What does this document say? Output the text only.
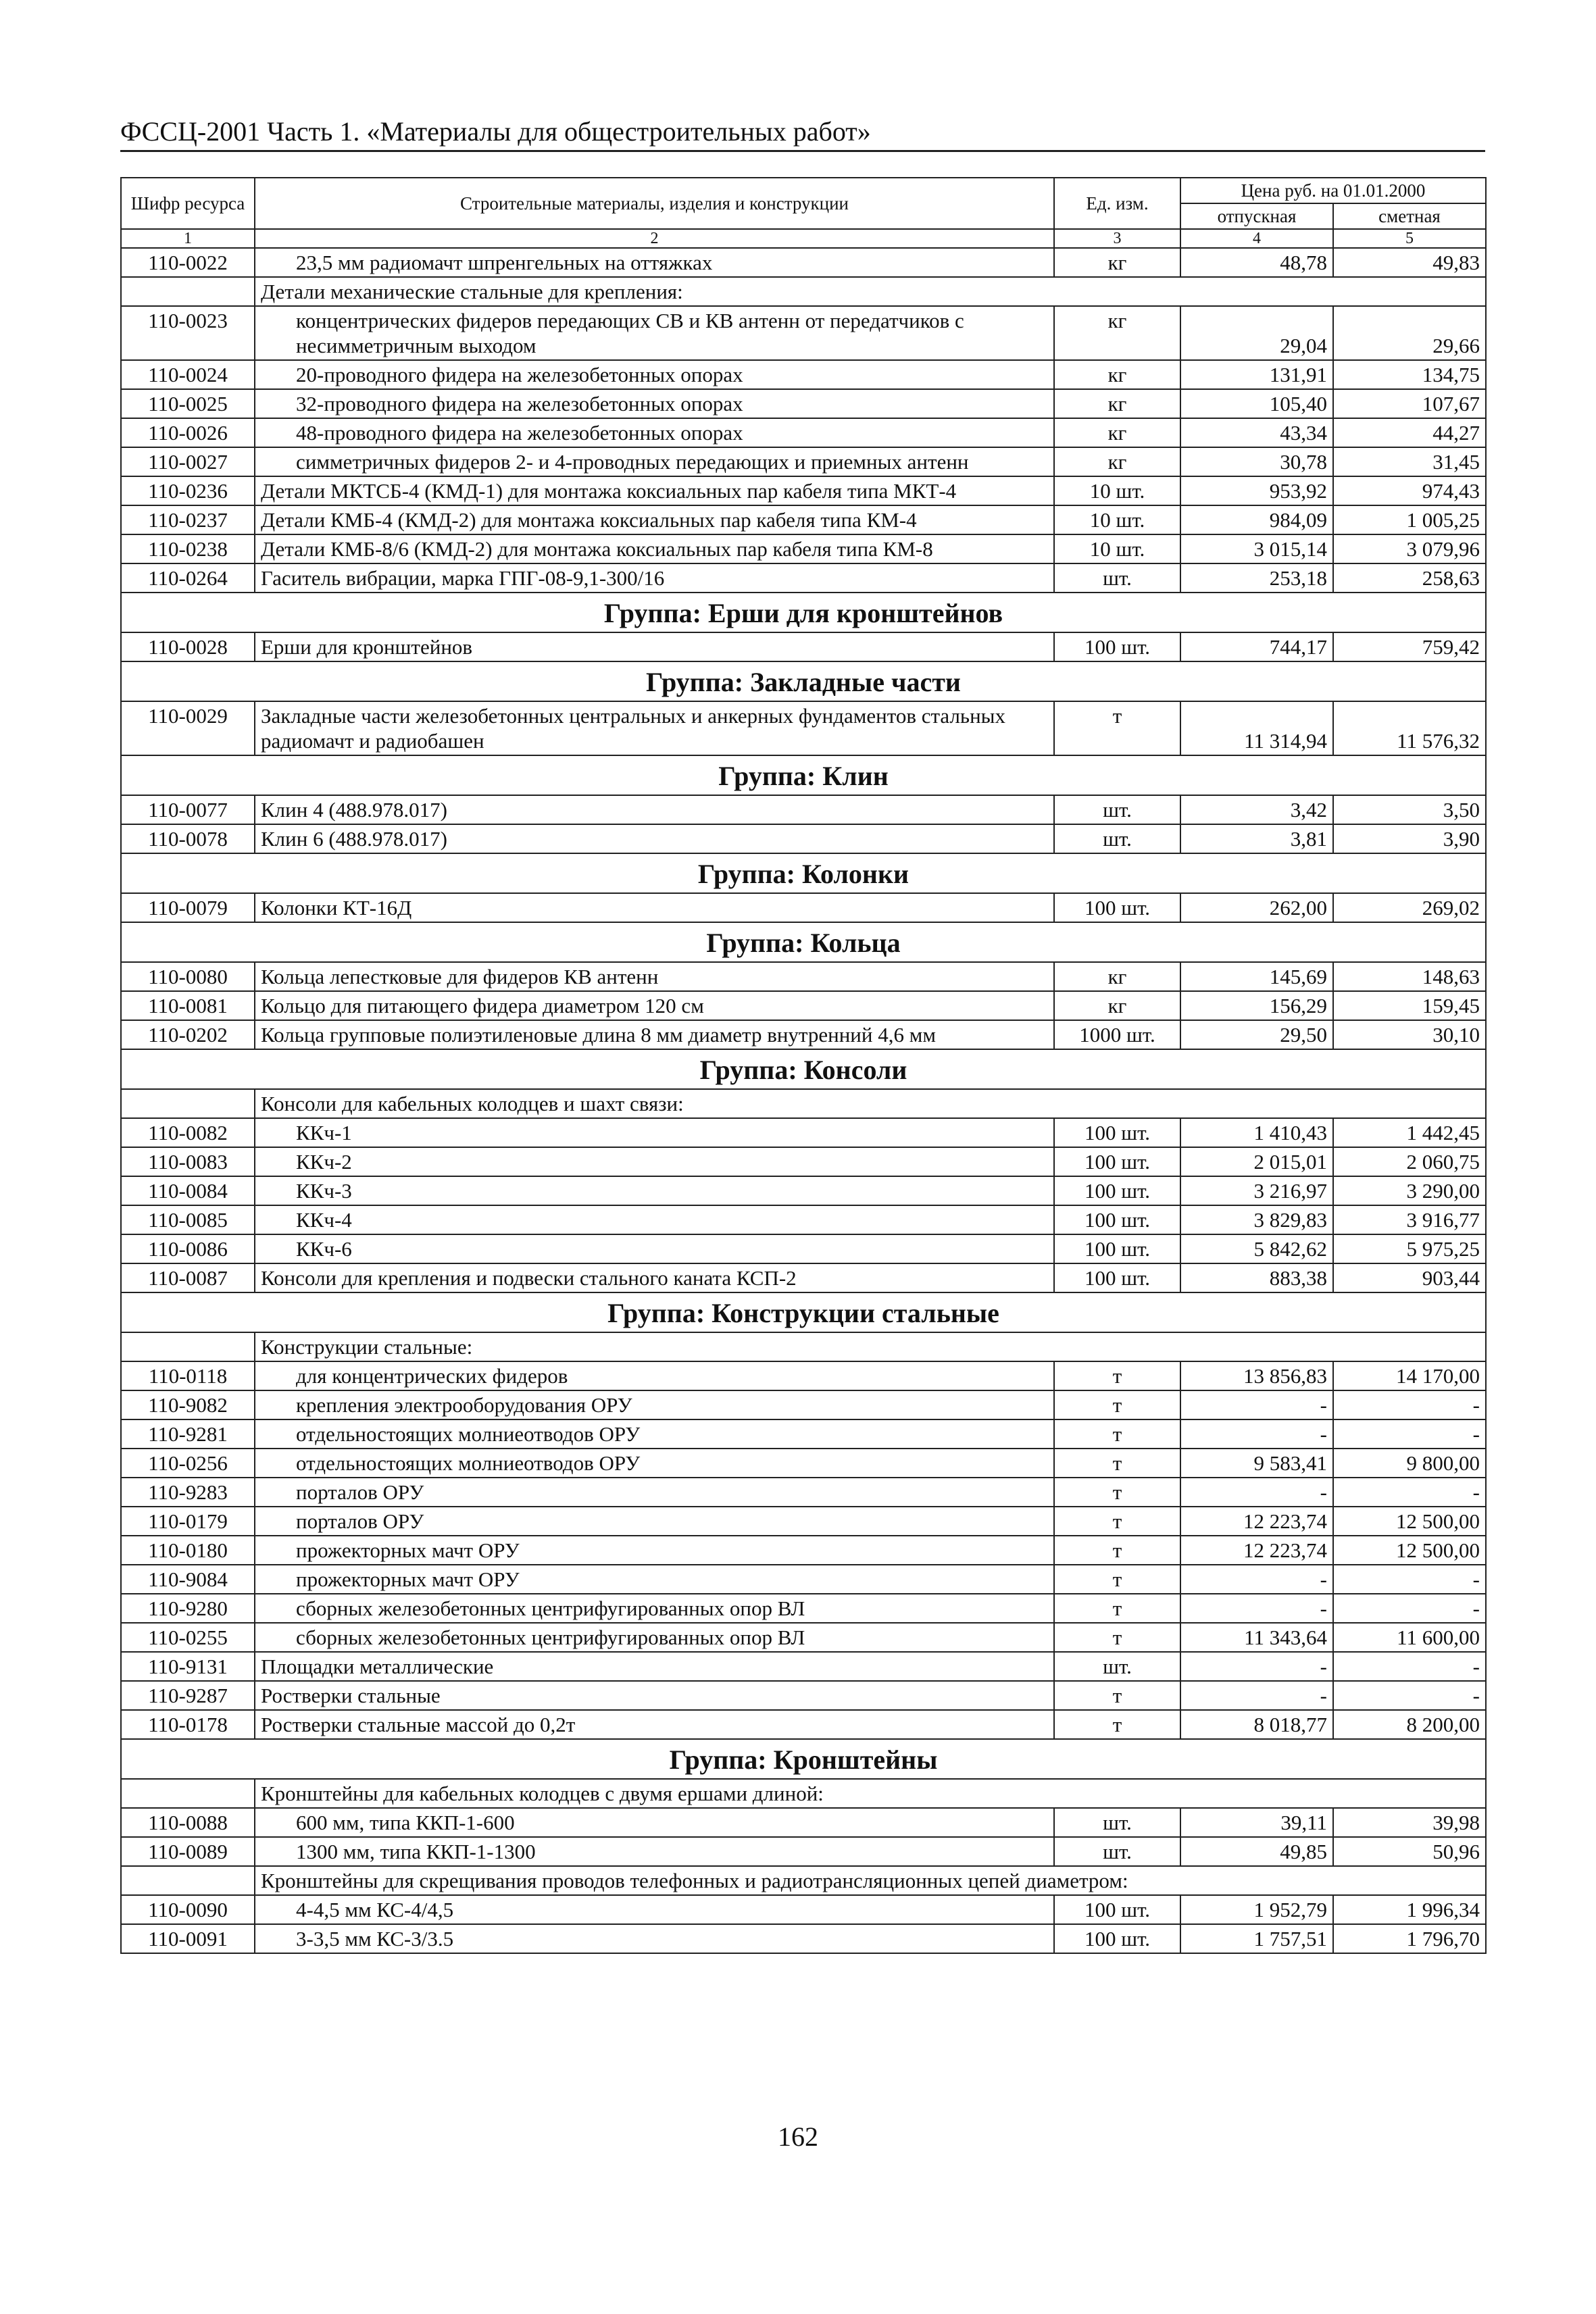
ФССЦ-2001 Часть 1. «Материалы для общестроительных работ»
Шифр ресурса	Строительные материалы, изделия и конструкции	Ед. изм.	Цена руб. на 01.01.2000	
			отпускная	сметная
1	2	3	4	5
110-0022	23,5 мм радиомачт шпренгельных на оттяжках	кг	48,78	49,83
	Детали механические стальные для крепления:			
110-0023	концентрических фидеров передающих СВ и КВ антенн от передатчиков с несимметричным выходом	кг	29,04	29,66
110-0024	20-проводного фидера на железобетонных опорах	кг	131,91	134,75
110-0025	32-проводного фидера на железобетонных опорах	кг	105,40	107,67
110-0026	48-проводного фидера на железобетонных опорах	кг	43,34	44,27
110-0027	симметричных фидеров 2- и 4-проводных передающих и приемных антенн	кг	30,78	31,45
110-0236	Детали МКТСБ-4 (КМД-1) для монтажа коксиальных пар кабеля типа МКТ-4	10 шт.	953,92	974,43
110-0237	Детали КМБ-4 (КМД-2) для монтажа коксиальных пар кабеля типа КМ-4	10 шт.	984,09	1 005,25
110-0238	Детали КМБ-8/6 (КМД-2) для монтажа коксиальных пар кабеля типа КМ-8	10 шт.	3 015,14	3 079,96
110-0264	Гаситель вибрации, марка ГПГ-08-9,1-300/16	шт.	253,18	258,63
Группа: Ерши для кронштейнов				
110-0028	Ерши для кронштейнов	100 шт.	744,17	759,42
Группа: Закладные части				
110-0029	Закладные части железобетонных центральных и анкерных фундаментов стальных радиомачт и радиобашен	т	11 314,94	11 576,32
Группа: Клин				
110-0077	Клин 4 (488.978.017)	шт.	3,42	3,50
110-0078	Клин 6 (488.978.017)	шт.	3,81	3,90
Группа: Колонки				
110-0079	Колонки КТ-16Д	100 шт.	262,00	269,02
Группа: Кольца				
110-0080	Кольца лепестковые для фидеров КВ антенн	кг	145,69	148,63
110-0081	Кольцо для питающего фидера диаметром 120 см	кг	156,29	159,45
110-0202	Кольца групповые полиэтиленовые длина 8 мм диаметр внутренний 4,6 мм	1000 шт.	29,50	30,10
Группа: Консоли				
	Консоли для кабельных колодцев и шахт связи:			
110-0082	ККч-1	100 шт.	1 410,43	1 442,45
110-0083	ККч-2	100 шт.	2 015,01	2 060,75
110-0084	ККч-3	100 шт.	3 216,97	3 290,00
110-0085	ККч-4	100 шт.	3 829,83	3 916,77
110-0086	ККч-6	100 шт.	5 842,62	5 975,25
110-0087	Консоли для крепления и подвески стального каната КСП-2	100 шт.	883,38	903,44
Группа: Конструкции стальные				
	Конструкции стальные:			
110-0118	для концентрических фидеров	т	13 856,83	14 170,00
110-9082	крепления электрооборудования ОРУ	т	-	-
110-9281	отдельностоящих молниеотводов ОРУ	т	-	-
110-0256	отдельностоящих молниеотводов ОРУ	т	9 583,41	9 800,00
110-9283	порталов ОРУ	т	-	-
110-0179	порталов ОРУ	т	12 223,74	12 500,00
110-0180	прожекторных мачт ОРУ	т	12 223,74	12 500,00
110-9084	прожекторных мачт ОРУ	т	-	-
110-9280	сборных железобетонных центрифугированных опор ВЛ	т	-	-
110-0255	сборных железобетонных центрифугированных опор ВЛ	т	11 343,64	11 600,00
110-9131	Площадки металлические	шт.	-	-
110-9287	Ростверки стальные	т	-	-
110-0178	Ростверки стальные массой до 0,2т	т	8 018,77	8 200,00
Группа: Кронштейны				
	Кронштейны для кабельных колодцев с двумя ершами длиной:			
110-0088	600 мм, типа ККП-1-600	шт.	39,11	39,98
110-0089	1300 мм, типа ККП-1-1300	шт.	49,85	50,96
	Кронштейны для скрещивания проводов телефонных и радиотрансляционных цепей диаметром:			
110-0090	4-4,5 мм КС-4/4,5	100 шт.	1 952,79	1 996,34
110-0091	3-3,5 мм КС-3/3.5	100 шт.	1 757,51	1 796,70
162
